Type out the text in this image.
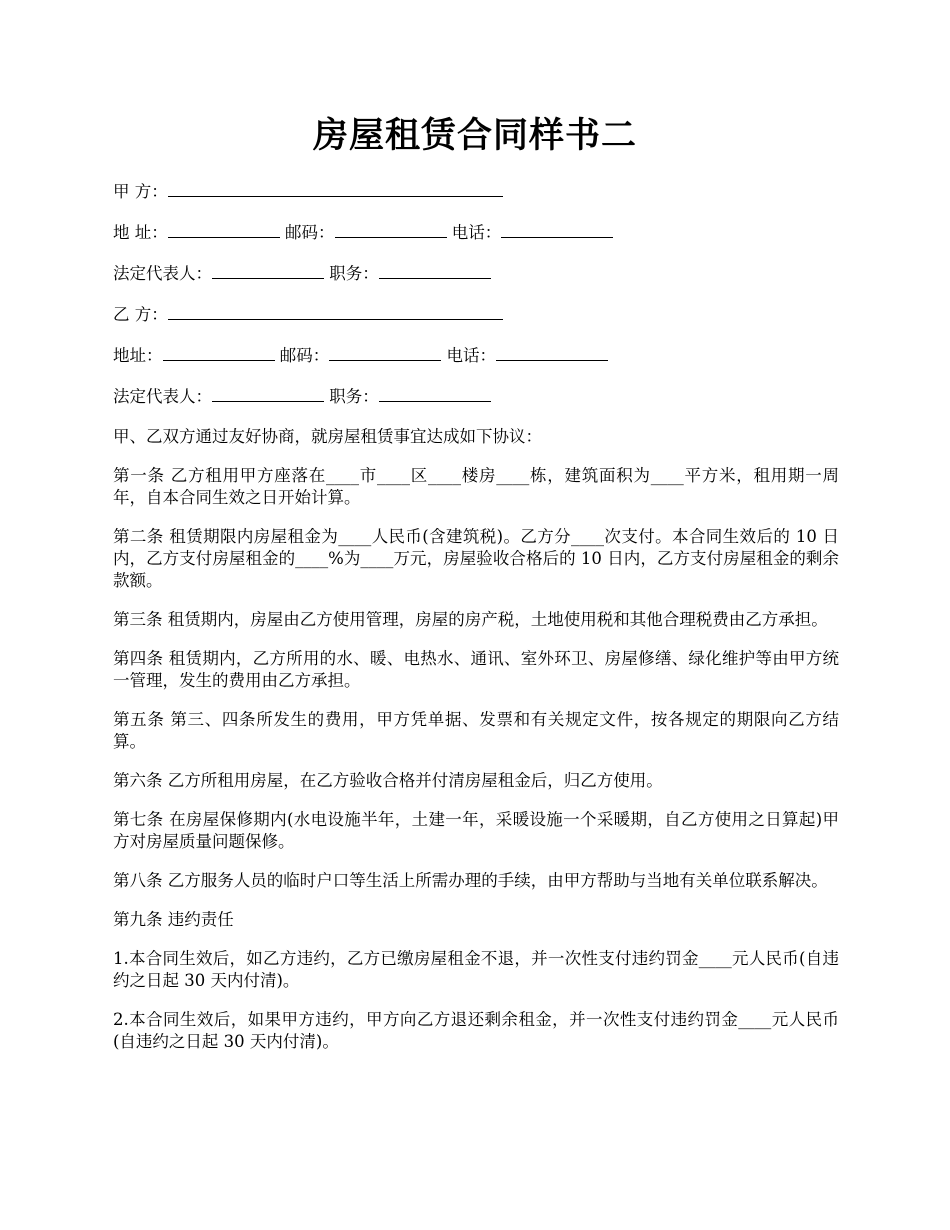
房屋租赁合同样书二
甲 方：
地 址：	邮码：	电话：
法定代表人：	职务：
乙 方：
地址：	邮码：	电话：
法定代表人：	职务：
甲、乙双方通过友好协商，就房屋租赁事宜达成如下协议：
第一条 乙方租用甲方座落在____市____区____楼房____栋，建筑面积为____平方米，租用期一周年，自本合同生效之日开始计算。
第二条 租赁期限内房屋租金为____人民币(含建筑税)。乙方分____次支付。本合同生效后的 10 日内，乙方支付房屋租金的____%为____万元，房屋验收合格后的 10 日内，乙方支付房屋租金的剩余款额。
第三条 租赁期内，房屋由乙方使用管理，房屋的房产税，土地使用税和其他合理税费由乙方承担。
第四条 租赁期内，乙方所用的水、暖、电热水、通讯、室外环卫、房屋修缮、绿化维护等由甲方统一管理，发生的费用由乙方承担。
第五条 第三、四条所发生的费用，甲方凭单据、发票和有关规定文件，按各规定的期限向乙方结算。
第六条 乙方所租用房屋，在乙方验收合格并付清房屋租金后，归乙方使用。
第七条 在房屋保修期内(水电设施半年，土建一年，采暖设施一个采暖期，自乙方使用之日算起)甲方对房屋质量问题保修。
第八条 乙方服务人员的临时户口等生活上所需办理的手续，由甲方帮助与当地有关单位联系解决。
第九条 违约责任
1.本合同生效后，如乙方违约，乙方已缴房屋租金不退，并一次性支付违约罚金____元人民币(自违约之日起 30 天内付清)。
2.本合同生效后，如果甲方违约，甲方向乙方退还剩余租金，并一次性支付违约罚金____元人民币(自违约之日起 30 天内付清)。
